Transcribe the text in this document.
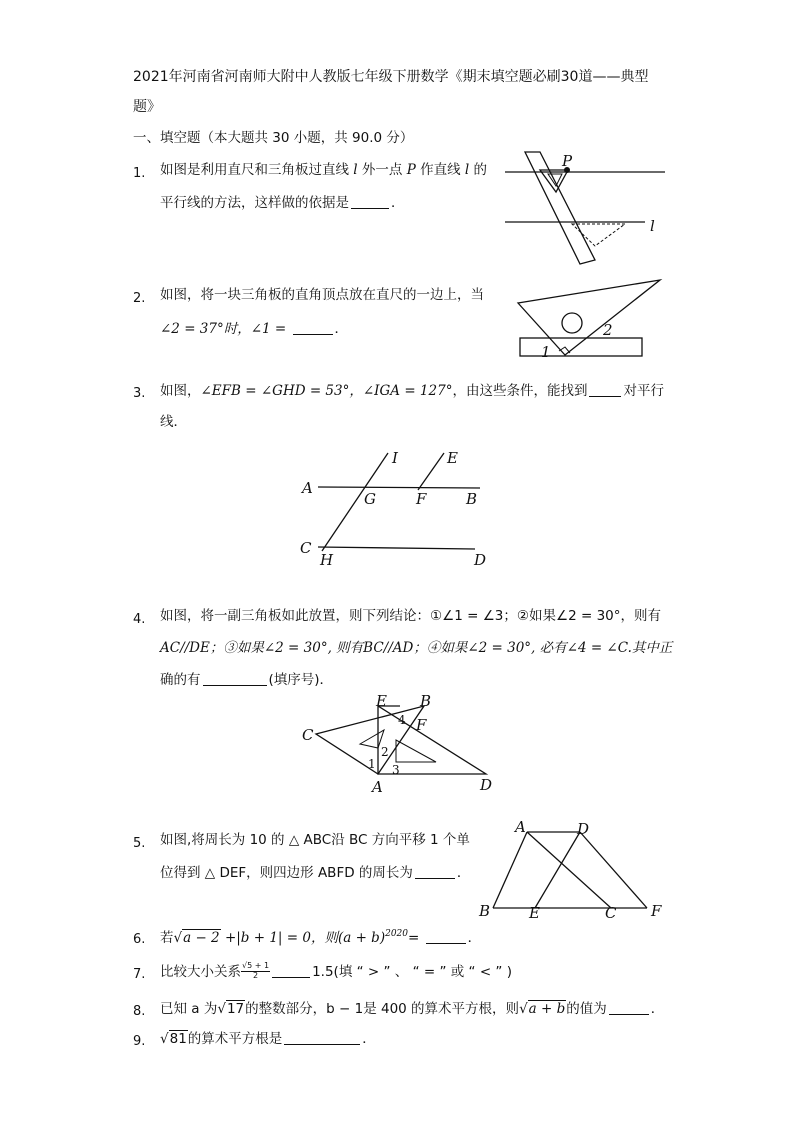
2021年河南省河南师大附中人教版七年级下册数学《期末填空题必刷30道——典型
题》
一、填空题（本大题共 30 小题，共 90.0 分）
1. 如图是利用直尺和三角板过直线 l 外一点 P 作直线 l 的
平行线的方法，这样做的依据是	．
P
l
2. 如图，将一块三角板的直角顶点放在直尺的一边上，当
∠2 = 37°时，∠1 =	．
1
2
3. 如图，∠EFB = ∠GHD = 53°，∠IGA = 127°，由这些条件，能找到	对平行
线．
A
B
C
D
E
F
G
H
I
4. 如图，将一副三角板如此放置，则下列结论：①∠1 = ∠3；②如果∠2 = 30°，则有
AC//DE；③如果∠2 = 30°, 则有BC//AD；④如果∠2 = 30°, 必有∠4 = ∠C.其中正
确的有	(填序号)．
C
B
E
F
A	D
1
2
3
4
5. 如图,将周长为 10 的 △ ABC沿 BC 方向平移 1 个单
位得到 △ DEF，则四边形 ABFD 的周长为	．
A	D
B	E	C F
6. 若√a − 2 +|b + 1| = 0，则$(a + b)^{2020}=$	．
7. 比较大小关系 $\frac{√5 + 1}{2}$	1.5(填 “ > ” 、 “ = ” 或 “ < ” )
8. 已知 a 为√17的整数部分，b − 1是 400 的算术平方根，则√a + b的值为	．
9. √81的算术平方根是	．
